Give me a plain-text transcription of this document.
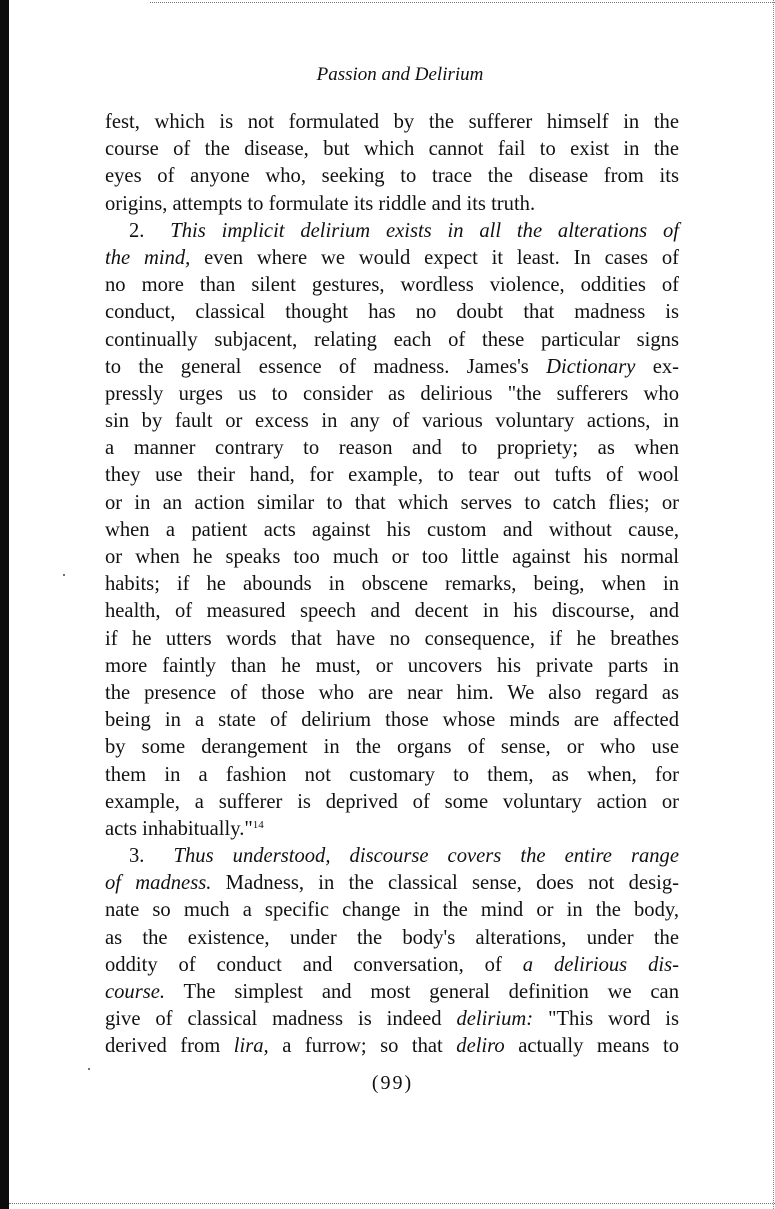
Passion and Delirium
fest, which is not formulated by the sufferer himself in the
course of the disease, but which cannot fail to exist in the
eyes of anyone who, seeking to trace the disease from its
origins, attempts to formulate its riddle and its truth.
2. This implicit delirium exists in all the alterations of
the mind, even where we would expect it least. In cases of
no more than silent gestures, wordless violence, oddities of
conduct, classical thought has no doubt that madness is
continually subjacent, relating each of these particular signs
to the general essence of madness. James's Dictionary ex-
pressly urges us to consider as delirious "the sufferers who
sin by fault or excess in any of various voluntary actions, in
a manner contrary to reason and to propriety; as when
they use their hand, for example, to tear out tufts of wool
or in an action similar to that which serves to catch flies; or
when a patient acts against his custom and without cause,
or when he speaks too much or too little against his normal
habits; if he abounds in obscene remarks, being, when in
health, of measured speech and decent in his discourse, and
if he utters words that have no consequence, if he breathes
more faintly than he must, or uncovers his private parts in
the presence of those who are near him. We also regard as
being in a state of delirium those whose minds are affected
by some derangement in the organs of sense, or who use
them in a fashion not customary to them, as when, for
example, a sufferer is deprived of some voluntary action or
acts inhabitually."$^{14}$
3. Thus understood, discourse covers the entire range
of madness. Madness, in the classical sense, does not desig-
nate so much a specific change in the mind or in the body,
as the existence, under the body's alterations, under the
oddity of conduct and conversation, of a delirious dis-
course. The simplest and most general definition we can
give of classical madness is indeed delirium: "This word is
derived from lira, a furrow; so that deliro actually means to
(99)
